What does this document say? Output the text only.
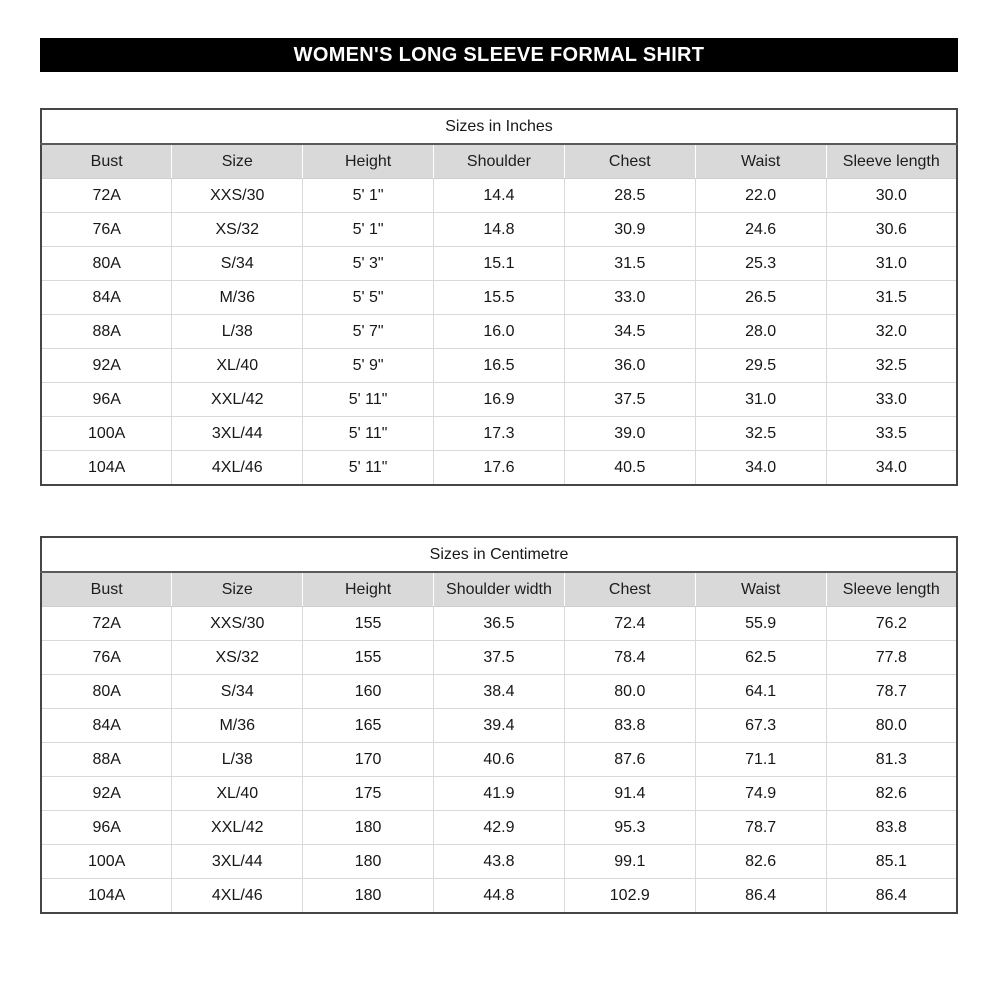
WOMEN'S LONG SLEEVE FORMAL SHIRT
Sizes in Inches						
Bust	Size	Height	Shoulder	Chest	Waist	Sleeve length
72A	XXS/30	5' 1"	14.4	28.5	22.0	30.0
76A	XS/32	5' 1"	14.8	30.9	24.6	30.6
80A	S/34	5' 3"	15.1	31.5	25.3	31.0
84A	M/36	5' 5"	15.5	33.0	26.5	31.5
88A	L/38	5' 7"	16.0	34.5	28.0	32.0
92A	XL/40	5' 9"	16.5	36.0	29.5	32.5
96A	XXL/42	5' 11"	16.9	37.5	31.0	33.0
100A	3XL/44	5' 11"	17.3	39.0	32.5	33.5
104A	4XL/46	5' 11"	17.6	40.5	34.0	34.0
Sizes in Centimetre						
Bust	Size	Height	Shoulder width	Chest	Waist	Sleeve length
72A	XXS/30	155	36.5	72.4	55.9	76.2
76A	XS/32	155	37.5	78.4	62.5	77.8
80A	S/34	160	38.4	80.0	64.1	78.7
84A	M/36	165	39.4	83.8	67.3	80.0
88A	L/38	170	40.6	87.6	71.1	81.3
92A	XL/40	175	41.9	91.4	74.9	82.6
96A	XXL/42	180	42.9	95.3	78.7	83.8
100A	3XL/44	180	43.8	99.1	82.6	85.1
104A	4XL/46	180	44.8	102.9	86.4	86.4
